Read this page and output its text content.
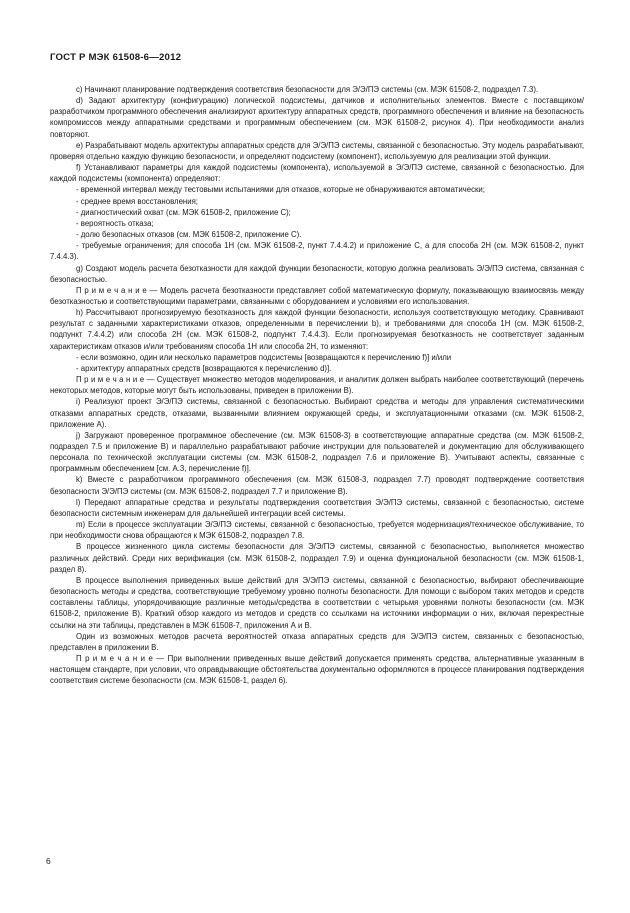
ГОСТ Р МЭК 61508-6—2012

c) Начинают планирование подтверждения соответствия безопасности для Э/Э/ПЭ системы (см. МЭК 61508-2, подраздел 7.3).

d) Задают архитектуру (конфигурацию) логической подсистемы, датчиков и исполнительных элементов. Вместе с поставщиком/разработчиком программного обеспечения анализируют архитектуру аппаратных средств, программного обеспечения и влияние на безопасность компромиссов между аппаратными средствами и программным обеспечением (см. МЭК 61508-2, рисунок 4). При необходимости анализ повторяют.

e) Разрабатывают модель архитектуры аппаратных средств для Э/Э/ПЭ системы, связанной с безопасностью. Эту модель разрабатывают, проверяя отдельно каждую функцию безопасности, и определяют подсистему (компонент), используемую для реализации этой функции.

f) Устанавливают параметры для каждой подсистемы (компонента), используемой в Э/Э/ПЭ системе, связанной с безопасностью. Для каждой подсистемы (компонента) определяют:

- временной интервал между тестовыми испытаниями для отказов, которые не обнаруживаются автоматически;

- среднее время восстановления;

- диагностический охват (см. МЭК 61508-2, приложение С);

- вероятность отказа;

- долю безопасных отказов (см. МЭК 61508-2, приложение С).

- требуемые ограничения; для способа 1H (см. МЭК 61508-2, пункт 7.4.4.2) и приложение С, а для способа 2H (см. МЭК 61508-2, пункт 7.4.4.3).

g) Создают модель расчета безотказности для каждой функции безопасности, которую должна реализовать Э/Э/ПЭ система, связанная с безопасностью.

П р и м е ч а н и е — Модель расчета безотказности представляет собой математическую формулу, показывающую взаимосвязь между безотказностью и соответствующими параметрами, связанными с оборудованием и условиями его использования.

h) Рассчитывают прогнозируемую безотказность для каждой функции безопасности, используя соответствующую методику. Сравнивают результат с заданными характеристиками отказов, определенными в перечислении b), и требованиями для способа 1H (см. МЭК 61508-2, подпункт 7.4.4.2) или способа 2H (см. МЭК 61508-2, подпункт 7.4.4.3). Если прогнозируемая безотказность не соответствует заданным характеристикам отказов и/или требованиям способа 1H или способа 2H, то изменяют:

- если возможно, один или несколько параметров подсистемы [возвращаются к перечислению f)] и/или

- архитектуру аппаратных средств [возвращаются к перечислению d)].

П р и м е ч а н и е — Существует множество методов моделирования, и аналитик должен выбрать наиболее соответствующий (перечень некоторых методов, которые могут быть использованы, приведен в приложении В).

i) Реализуют проект Э/Э/ПЭ системы, связанной с безопасностью. Выбирают средства и методы для управления систематическими отказами аппаратных средств, отказами, вызванными влиянием окружающей среды, и эксплуатационными отказами (см. МЭК 61508-2, приложение А).

j) Загружают проверенное программное обеспечение (см. МЭК 61508-3) в соответствующие аппаратные средства (см. МЭК 61508-2, подраздел 7.5 и приложение В) и параллельно разрабатывают рабочие инструкции для пользователей и документацию для обслуживающего персонала по технической эксплуатации системы (см. МЭК 61508-2, подраздел 7.6 и приложение В). Учитывают аспекты, связанные с программным обеспечением [см. А.3, перечисление f)].

k) Вместе с разработчиком программного обеспечения (см. МЭК 61508-3, подраздел 7.7) проводят подтверждение соответствия безопасности Э/Э/ПЭ системы (см. МЭК 61508-2, подраздел 7.7 и приложение В).

l) Передают аппаратные средства и результаты подтверждения соответствия Э/Э/ПЭ системы, связанной с безопасностью, системе безопасности системным инженерам для дальнейшей интеграции всей системы.

m) Если в процессе эксплуатации Э/Э/ПЭ системы, связанной с безопасностью, требуется модернизация/техническое обслуживание, то при необходимости снова обращаются к МЭК 61508-2, подраздел 7.8.

В процессе жизненного цикла системы безопасности для Э/Э/ПЭ системы, связанной с безопасностью, выполняется множество различных действий. Среди них верификация (см. МЭК 61508-2, подраздел 7.9) и оценка функциональной безопасности (см. МЭК 61508-1, раздел 8).

В процессе выполнения приведенных выше действий для Э/Э/ПЭ системы, связанной с безопасностью, выбирают обеспечивающие безопасность методы и средства, соответствующие требуемому уровню полноты безопасности. Для помощи с выбором таких методов и средств составлены таблицы, упорядочивающие различные методы/средства в соответствии с четырьмя уровнями полноты безопасности (см. МЭК 61508-2, приложение В). Краткий обзор каждого из методов и средств со ссылками на источники информации о них, включая перекрестные ссылки на эти таблицы, представлен в МЭК 61508-7, приложения А и В.

Один из возможных методов расчета вероятностей отказа аппаратных средств для Э/Э/ПЭ систем, связанных с безопасностью, представлен в приложении В.

П р и м е ч а н и е — При выполнении приведенных выше действий допускается применять средства, альтернативные указанным в настоящем стандарте, при условии, что оправдывающие обстоятельства документально оформляются в процессе планирования подтверждения соответствия системе безопасности (см. МЭК 61508-1, раздел 6).

6
